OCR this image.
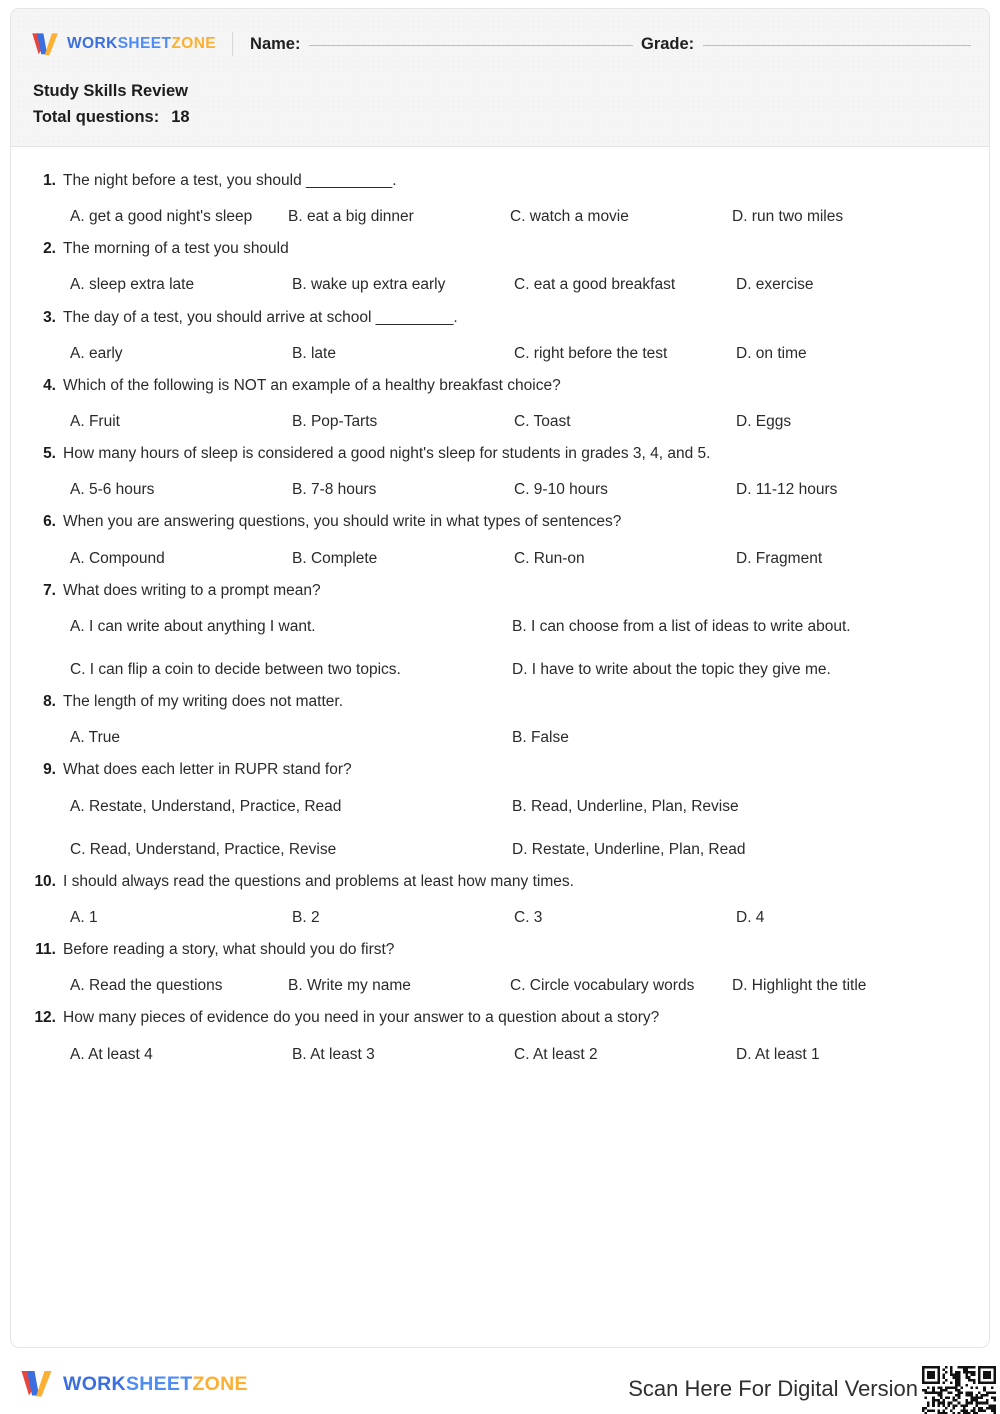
WORKSHEETZONE Name:	Grade:

Study Skills Review

Total questions: 18

1. The night before a test, you should __________.
A. get a good night's sleep	B. eat a big dinner	C. watch a movie	D. run two miles
2. The morning of a test you should
A. sleep extra late	B. wake up extra early	C. eat a good breakfast	D. exercise
3. The day of a test, you should arrive at school _________.
A. early	B. late	C. right before the test	D. on time
4. Which of the following is NOT an example of a healthy breakfast choice?
A. Fruit	B. Pop-Tarts	C. Toast	D. Eggs
5. How many hours of sleep is considered a good night's sleep for students in grades 3, 4, and 5.
A. 5-6 hours	B. 7-8 hours	C. 9-10 hours	D. 11-12 hours
6. When you are answering questions, you should write in what types of sentences?
A. Compound	B. Complete	C. Run-on	D. Fragment
7. What does writing to a prompt mean?
A. I can write about anything I want.	B. I can choose from a list of ideas to write about.
C. I can flip a coin to decide between two topics.	D. I have to write about the topic they give me.
8. The length of my writing does not matter.
A. True	B. False
9. What does each letter in RUPR stand for?
A. Restate, Understand, Practice, Read	B. Read, Underline, Plan, Revise
C. Read, Understand, Practice, Revise	D. Restate, Underline, Plan, Read
10. I should always read the questions and problems at least how many times.
A. 1	B. 2	C. 3	D. 4
11. Before reading a story, what should you do first?
A. Read the questions	B. Write my name	C. Circle vocabulary words	D. Highlight the title
12. How many pieces of evidence do you need in your answer to a question about a story?
A. At least 4	B. At least 3	C. At least 2	D. At least 1
WORKSHEETZONE	Scan Here For Digital Version
